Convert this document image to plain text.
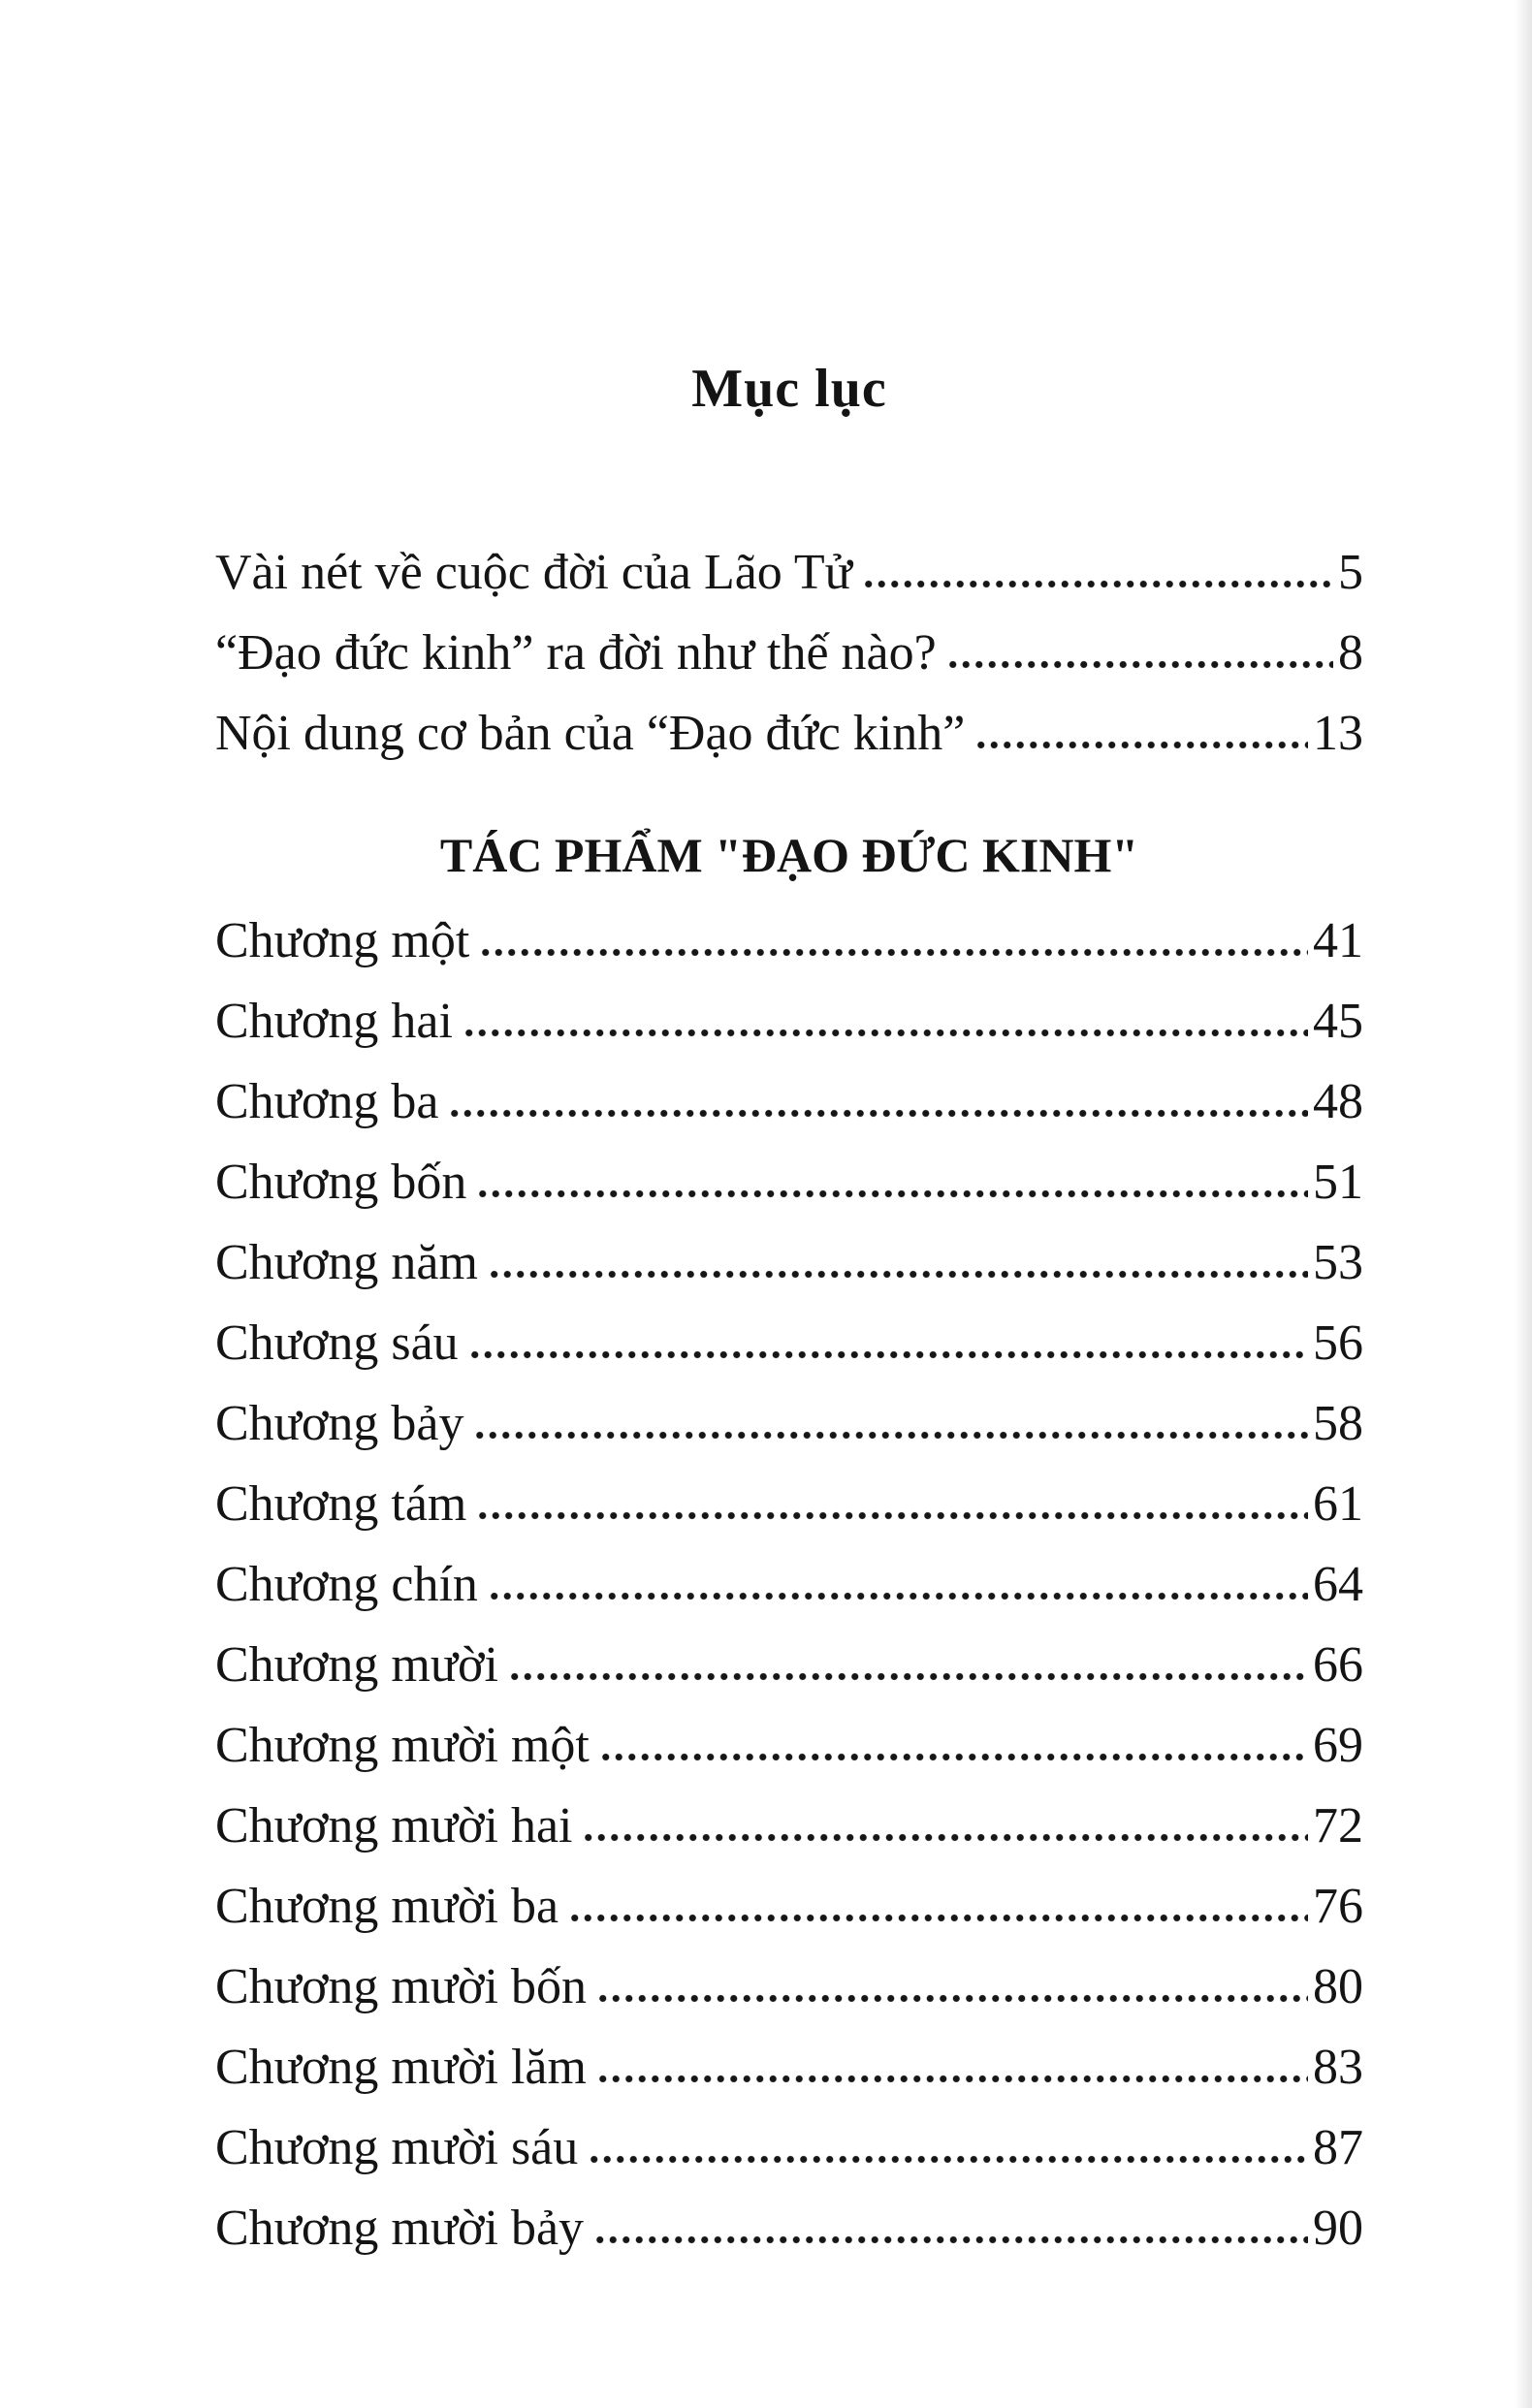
Mục lục
Vài nét về cuộc đời của Lão Tử	5
“Đạo đức kinh” ra đời như thế nào?	8
Nội dung cơ bản của “Đạo đức kinh”	13
TÁC PHẨM "ĐẠO ĐỨC KINH"
Chương một	41
Chương hai	45
Chương ba	48
Chương bốn	51
Chương năm	53
Chương sáu	56
Chương bảy	58
Chương tám	61
Chương chín	64
Chương mười	66
Chương mười một	69
Chương mười hai	72
Chương mười ba	76
Chương mười bốn	80
Chương mười lăm	83
Chương mười sáu	87
Chương mười bảy	90
